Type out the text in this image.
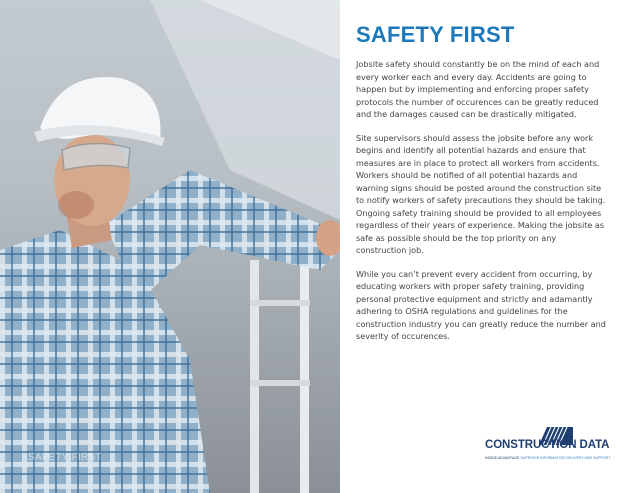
SAFETY FIRST
SAFETY FIRST

Jobsite safety should constantly be on the mind of each and every worker each and every day. Accidents are going to happen but by implementing and enforcing proper safety protocols the number of occurences can be greatly reduced and the damages caused can be drastically mitigated.

Site supervisors should assess the jobsite before any work begins and identify all potential hazards and ensure that measures are in place to protect all workers from accidents. Workers should be notified of all potential hazards and warning signs should be posted around the construction site to notify workers of safety precautions they should be taking. Ongoing safety training should be provided to all employees regardless of their years of experience. Making the jobsite as safe as possible should be the top priority on any construction job.

While you can’t prevent every accident from occurring, by educating workers with proper safety training, providing personal protective equipment and strictly and adamantly adhering to OSHA regulations and guidelines for the construction industry you can greatly reduce the number and severity of occurences.

CONSTRUCTION DATA
INSIDE ADVANTAGE SUPERIOR INFORMATION DELIVERY AND SUPPORT
